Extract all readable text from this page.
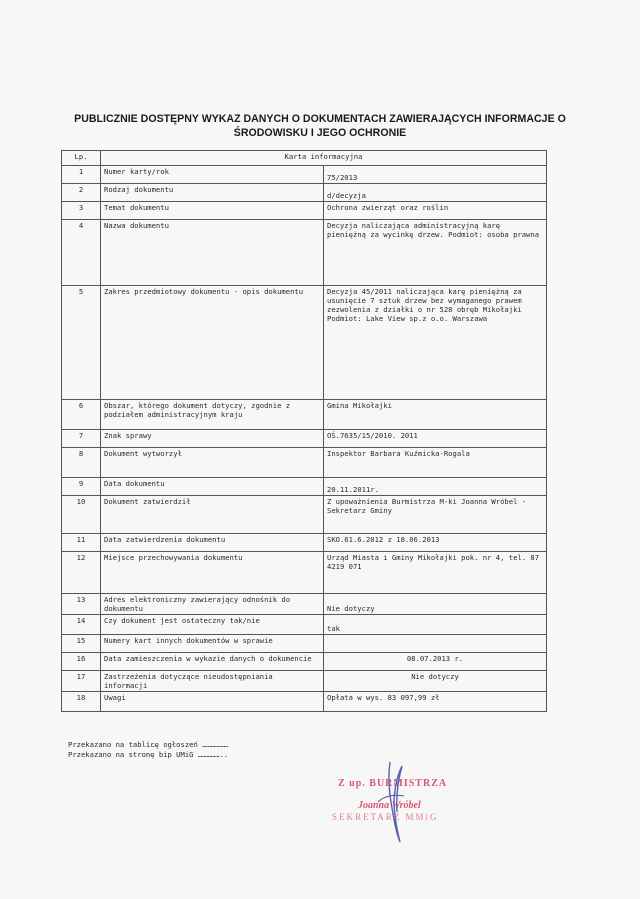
PUBLICZNIE DOSTĘPNY WYKAZ DANYCH O DOKUMENTACH ZAWIERAJĄCYCH INFORMACJE O ŚRODOWISKU I JEGO OCHRONIE
Lp.	Karta informacyjna	
1	Numer karty/rok	75/2013
2	Rodzaj dokumentu	d/decyzja
3	Temat dokumentu	Ochrona zwierząt oraz roślin
4	Nazwa dokumentu	Decyzja naliczająca administracyjną karę pieniężną za wycinkę drzew. Podmiot: osoba prawna
5	Zakres przedmiotowy dokumentu - opis dokumentu	Decyzja 45/2011 naliczająca karę pieniężną za usunięcie 7 sztuk drzew bez wymaganego prawem zezwolenia z działki o nr 528 obręb Mikołajki Podmiot: Lake View sp.z o.o. Warszawa
6	Obszar, którego dokument dotyczy, zgodnie z podziałem administracyjnym kraju	Gmina Mikołajki
7	Znak sprawy	OŚ.7635/15/2010. 2011
8	Dokument wytworzył	Inspektor Barbara Kuźmicka-Rogala
9	Data dokumentu	20.11.2011r.
10	Dokument zatwierdził	Z upoważnienia Burmistrza M-ki Joanna Wróbel - Sekretarz Gminy
11	Data zatwierdzenia dokumentu	SKO.61.6.2012 z 18.06.2013
12	Miejsce przechowywania dokumentu	Urząd Miasta i Gminy Mikołajki pok. nr 4, tel. 87 4219 071
13	Adres elektroniczny zawierający odnośnik do dokumentu	Nie dotyczy
14	Czy dokument jest ostateczny tak/nie	tak
15	Numery kart innych dokumentów w sprawie	
16	Data zamieszczenia w wykazie danych o dokumencie	08.07.2013 r.
17	Zastrzeżenia dotyczące nieudostępniania informacji	Nie dotyczy
18	Uwagi	Opłata w wys. 83 097,99 zł
Przekazano na tablicę ogłoszeń ………………
Przekazano na stronę bip UMiG ……………..
Z up. BURMISTRZA
Joanna Wróbel
SEKRETARZ MMiG
